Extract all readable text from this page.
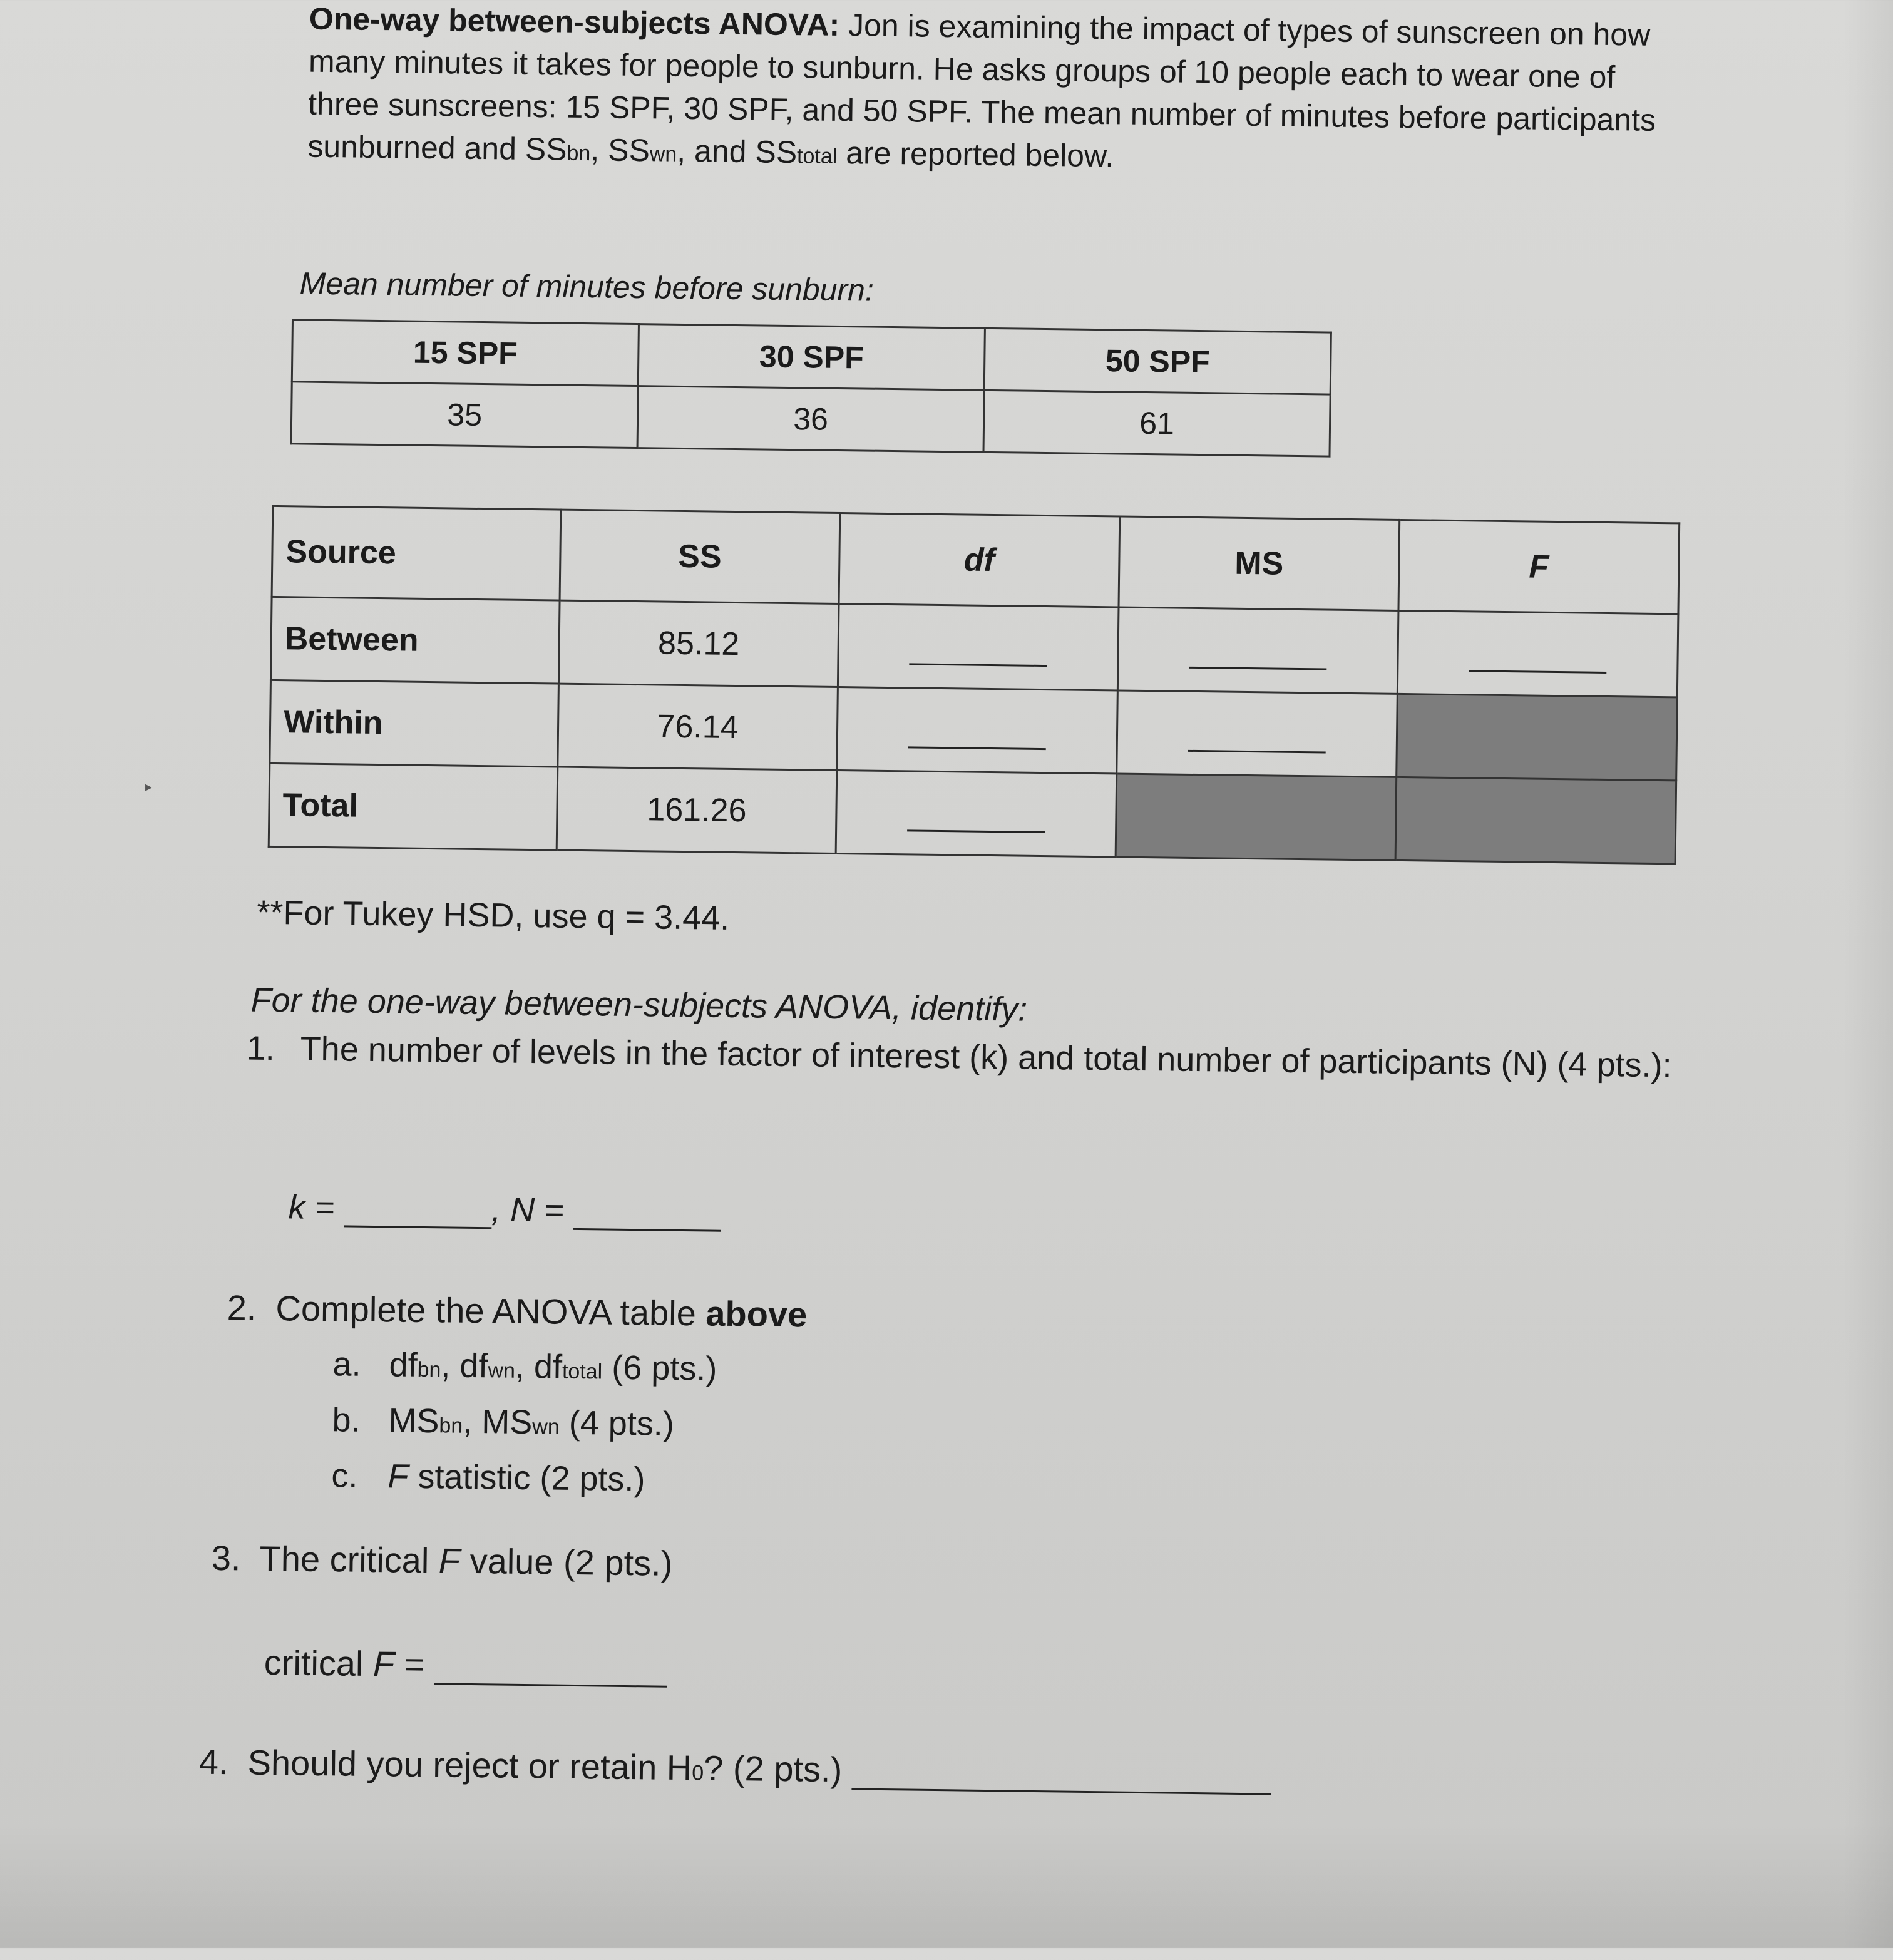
One-way between-subjects ANOVA: Jon is examining the impact of types of sunscreen on how many minutes it takes for people to sunburn. He asks groups of 10 people each to wear one of three sunscreens: 15 SPF, 30 SPF, and 50 SPF. The mean number of minutes before participants sunburned and SSbn, SSwn, and SStotal are reported below.
Mean number of minutes before sunburn:
15 SPF	30 SPF	50 SPF
35	36	61
Source	SS	df	MS	F
Between	85.12			
Within	76.14			
Total	161.26			
**For Tukey HSD, use q = 3.44.
For the one-way between-subjects ANOVA, identify:
1. The number of levels in the factor of interest (k) and total number of participants (N) (4 pts.):
k =	, N =
2. Complete the ANOVA table above
a. dfbn, dfwn, dftotal (6 pts.)
b. MSbn, MSwn (4 pts.)
c. F statistic (2 pts.)
3. The critical F value (2 pts.)
critical F =
4. Should you reject or retain H0? (2 pts.)
▸
